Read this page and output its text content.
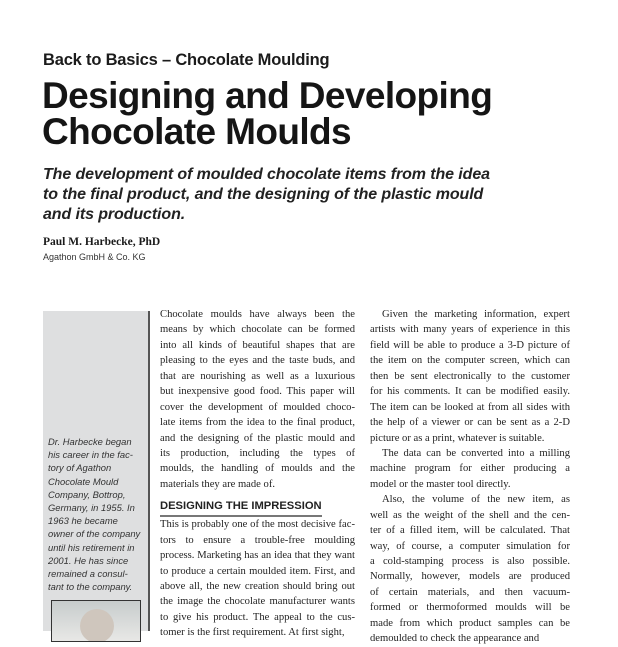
Back to Basics – Chocolate Moulding
Designing and Developing
Chocolate Moulds
The development of moulded chocolate items from the idea
to the final product, and the designing of the plastic mould
and its production.
Paul M. Harbecke, PhD
Agathon GmbH & Co. KG
Dr. Harbecke began
his career in the fac-
tory of Agathon
Chocolate Mould
Company, Bottrop,
Germany, in 1955. In
1963 he became
owner of the company
until his retirement in
2001. He has since
remained a consul-
tant to the company.
Chocolate moulds have always been the
means by which chocolate can be formed
into all kinds of beautiful shapes that are
pleasing to the eyes and the taste buds, and
that are nourishing as well as a luxurious
but inexpensive good food. This paper will
cover the development of moulded choco-
late items from the idea to the final product,
and the designing of the plastic mould and
its production, including the types of
moulds, the handling of moulds and the
materials they are made of.
DESIGNING THE IMPRESSION
This is probably one of the most decisive fac-
tors to ensure a trouble-free moulding
process. Marketing has an idea that they want
to produce a certain moulded item. First, and
above all, the new creation should bring out
the image the chocolate manufacturer wants
to give his product. The appeal to the cus-
tomer is the first requirement. At first sight,
Given the marketing information, expert
artists with many years of experience in this
field will be able to produce a 3-D picture of
the item on the computer screen, which can
then be sent electronically to the customer
for his comments. It can be modified easily.
The item can be looked at from all sides with
the help of a viewer or can be sent as a 2-D
picture or as a print, whatever is suitable.
The data can be converted into a milling
machine program for either producing a
model or the master tool directly.
Also, the volume of the new item, as
well as the weight of the shell and the cen-
ter of a filled item, will be calculated. That
way, of course, a computer simulation for
a cold-stamping process is also possible.
Normally, however, models are produced
of certain materials, and then vacuum-
formed or thermoformed moulds will be
made from which product samples can be
demoulded to check the appearance and
